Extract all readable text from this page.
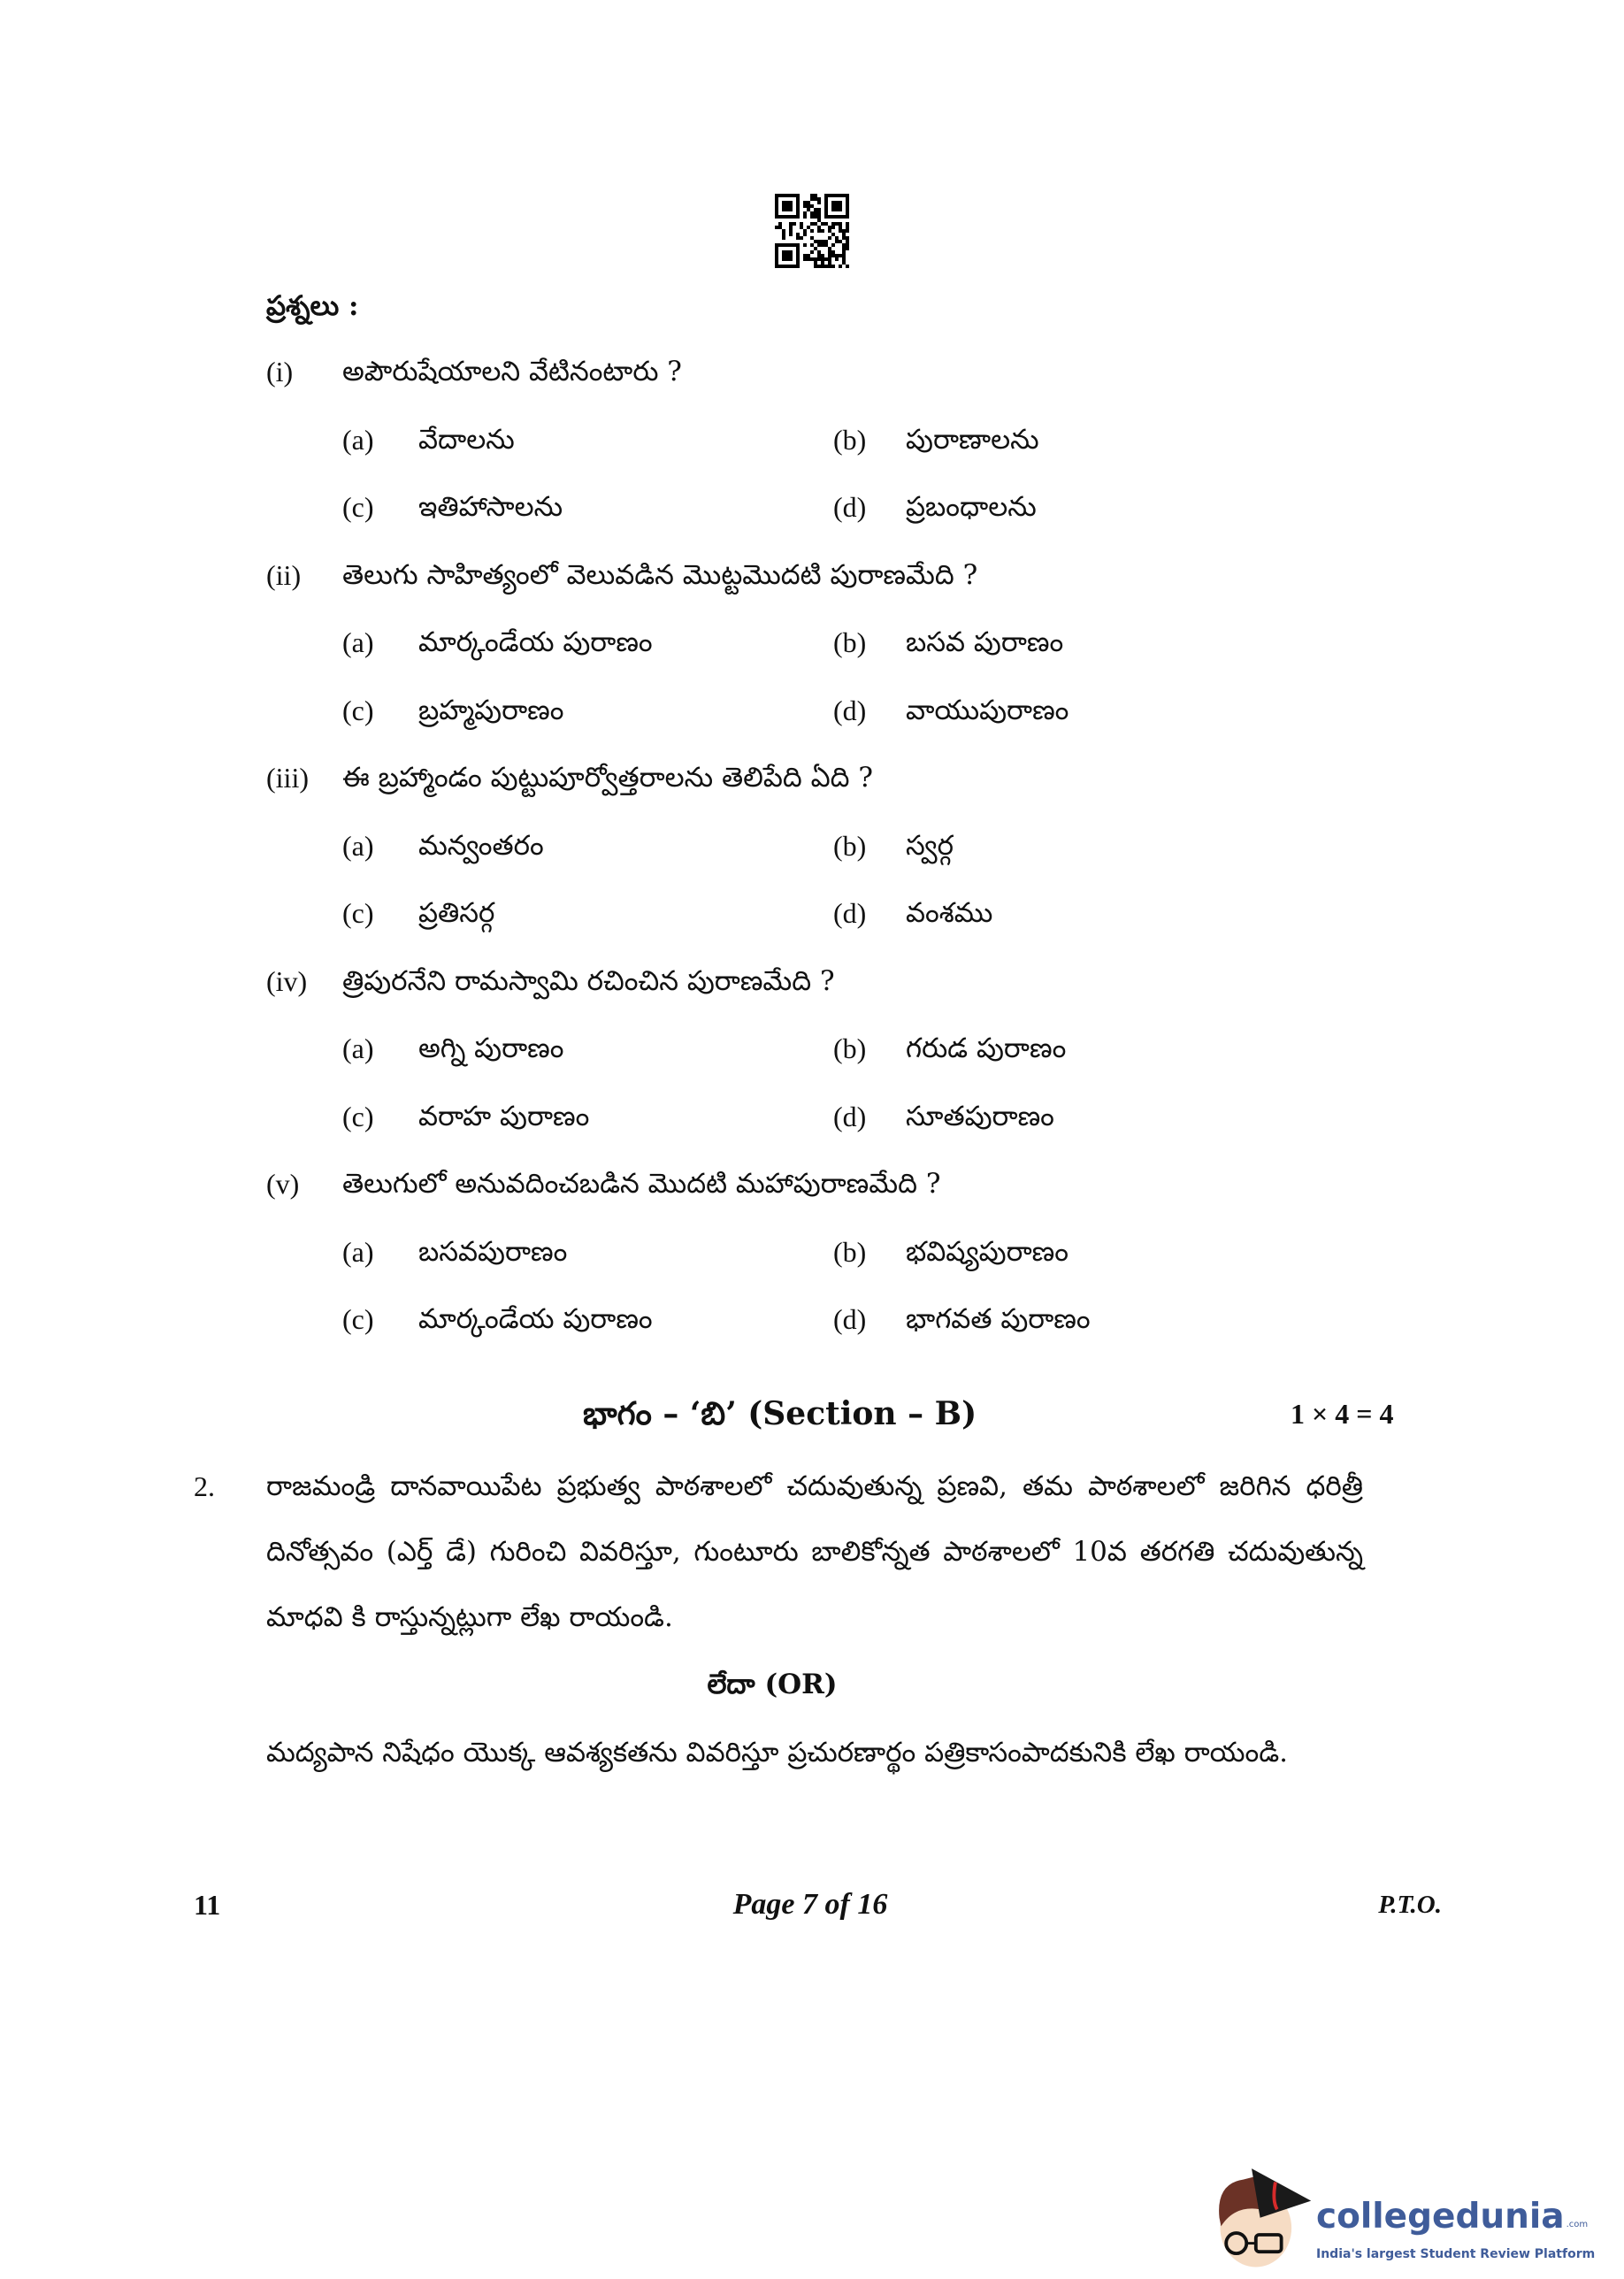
ప్రశ్నలు :
(i) అపౌరుషేయాలని వేటినంటారు ?
(a) వేదాలను	(b) పురాణాలను
(c) ఇతిహాసాలను	(d) ప్రబంధాలను
(ii) తెలుగు సాహిత్యంలో వెలువడిన మొట్టమొదటి పురాణమేది ?
(a) మార్కండేయ పురాణం	(b) బసవ పురాణం
(c) బ్రహ్మపురాణం	(d) వాయుపురాణం
(iii) ఈ బ్రహ్మాండం పుట్టుపూర్వోత్తరాలను తెలిపేది ఏది ?
(a) మన్వంతరం	(b) స్వర్గ
(c) ప్రతిసర్గ	(d) వంశము
(iv) త్రిపురనేని రామస్వామి రచించిన పురాణమేది ?
(a) అగ్ని పురాణం	(b) గరుడ పురాణం
(c) వరాహ పురాణం	(d) సూతపురాణం
(v) తెలుగులో అనువదించబడిన మొదటి మహాపురాణమేది ?
(a) బసవపురాణం	(b) భవిష్యపురాణం
(c) మార్కండేయ పురాణం	(d) భాగవత పురాణం
భాగం – ‘బి’ (Section – B)	1 × 4 = 4
2. రాజమండ్రి దానవాయిపేట ప్రభుత్వ పాఠశాలలో చదువుతున్న ప్రణవి, తమ పాఠశాలలో జరిగిన ధరిత్రీ దినోత్సవం (ఎర్త్ డే) గురించి వివరిస్తూ, గుంటూరు బాలికోన్నత పాఠశాలలో 10వ తరగతి చదువుతున్న మాధవి కి రాస్తున్నట్లుగా లేఖ రాయండి.
లేదా (OR)
మద్యపాన నిషేధం యొక్క ఆవశ్యకతను వివరిస్తూ ప్రచురణార్థం పత్రికాసంపాదకునికి లేఖ రాయండి.
11	Page 7 of 16	P.T.O.
collegedunia .com
India's largest Student Review Platform
